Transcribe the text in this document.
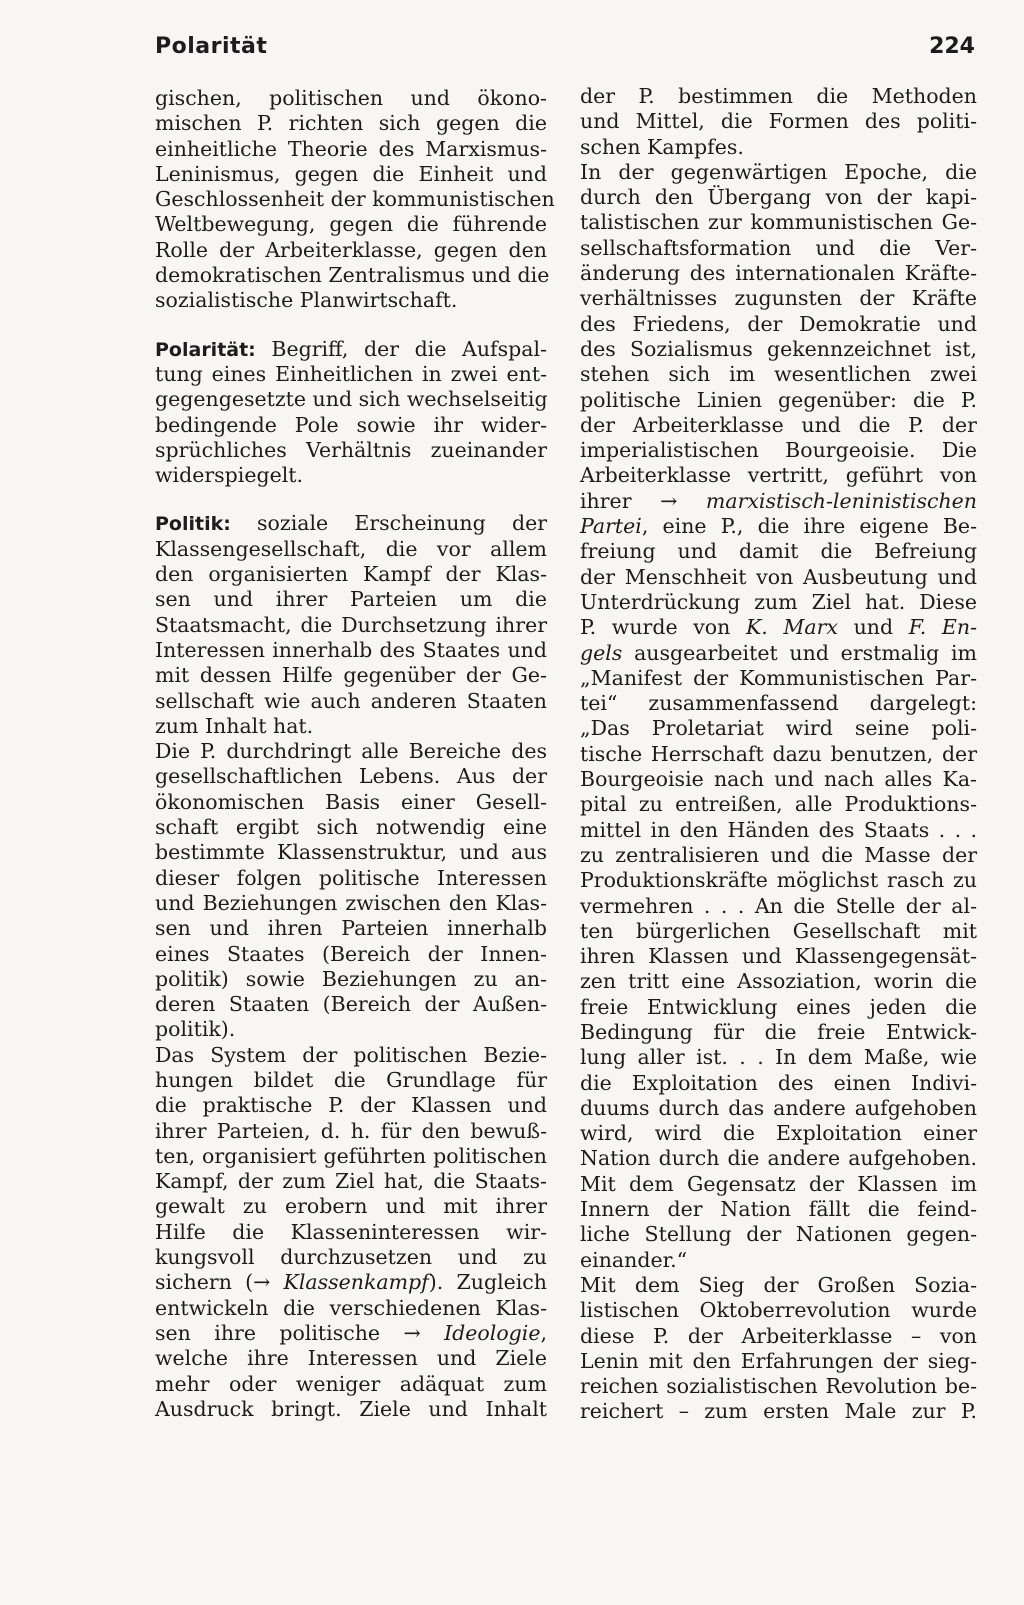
Polarität	224
gischen, politischen und ökono-
mischen P. richten sich gegen die
einheitliche Theorie des Marxismus-
Leninismus, gegen die Einheit und
Geschlossenheit der kommunistischen
Weltbewegung, gegen die führende
Rolle der Arbeiterklasse, gegen den
demokratischen Zentralismus und die
sozialistische Planwirtschaft.
Polarität: Begriff, der die Aufspal-
tung eines Einheitlichen in zwei ent-
gegengesetzte und sich wechselseitig
bedingende Pole sowie ihr wider-
sprüchliches Verhältnis zueinander
widerspiegelt.
Politik: soziale Erscheinung der
Klassengesellschaft, die vor allem
den organisierten Kampf der Klas-
sen und ihrer Parteien um die
Staatsmacht, die Durchsetzung ihrer
Interessen innerhalb des Staates und
mit dessen Hilfe gegenüber der Ge-
sellschaft wie auch anderen Staaten
zum Inhalt hat.
Die P. durchdringt alle Bereiche des
gesellschaftlichen Lebens. Aus der
ökonomischen Basis einer Gesell-
schaft ergibt sich notwendig eine
bestimmte Klassenstruktur, und aus
dieser folgen politische Interessen
und Beziehungen zwischen den Klas-
sen und ihren Parteien innerhalb
eines Staates (Bereich der Innen-
politik) sowie Beziehungen zu an-
deren Staaten (Bereich der Außen-
politik).
Das System der politischen Bezie-
hungen bildet die Grundlage für
die praktische P. der Klassen und
ihrer Parteien, d. h. für den bewuß-
ten, organisiert geführten politischen
Kampf, der zum Ziel hat, die Staats-
gewalt zu erobern und mit ihrer
Hilfe die Klasseninteressen wir-
kungsvoll durchzusetzen und zu
sichern (→ Klassenkampf). Zugleich
entwickeln die verschiedenen Klas-
sen ihre politische → Ideologie,
welche ihre Interessen und Ziele
mehr oder weniger adäquat zum
Ausdruck bringt. Ziele und Inhalt
der P. bestimmen die Methoden
und Mittel, die Formen des politi-
schen Kampfes.
In der gegenwärtigen Epoche, die
durch den Übergang von der kapi-
talistischen zur kommunistischen Ge-
sellschaftsformation und die Ver-
änderung des internationalen Kräfte-
verhältnisses zugunsten der Kräfte
des Friedens, der Demokratie und
des Sozialismus gekennzeichnet ist,
stehen sich im wesentlichen zwei
politische Linien gegenüber: die P.
der Arbeiterklasse und die P. der
imperialistischen Bourgeoisie. Die
Arbeiterklasse vertritt, geführt von
ihrer → marxistisch-leninistischen
Partei, eine P., die ihre eigene Be-
freiung und damit die Befreiung
der Menschheit von Ausbeutung und
Unterdrückung zum Ziel hat. Diese
P. wurde von K. Marx und F. En-
gels ausgearbeitet und erstmalig im
„Manifest der Kommunistischen Par-
tei“ zusammenfassend dargelegt:
„Das Proletariat wird seine poli-
tische Herrschaft dazu benutzen, der
Bourgeoisie nach und nach alles Ka-
pital zu entreißen, alle Produktions-
mittel in den Händen des Staats . . .
zu zentralisieren und die Masse der
Produktionskräfte möglichst rasch zu
vermehren . . . An die Stelle der al-
ten bürgerlichen Gesellschaft mit
ihren Klassen und Klassengegensät-
zen tritt eine Assoziation, worin die
freie Entwicklung eines jeden die
Bedingung für die freie Entwick-
lung aller ist. . . In dem Maße, wie
die Exploitation des einen Indivi-
duums durch das andere aufgehoben
wird, wird die Exploitation einer
Nation durch die andere aufgehoben.
Mit dem Gegensatz der Klassen im
Innern der Nation fällt die feind-
liche Stellung der Nationen gegen-
einander.“
Mit dem Sieg der Großen Sozia-
listischen Oktoberrevolution wurde
diese P. der Arbeiterklasse – von
Lenin mit den Erfahrungen der sieg-
reichen sozialistischen Revolution be-
reichert – zum ersten Male zur P.
